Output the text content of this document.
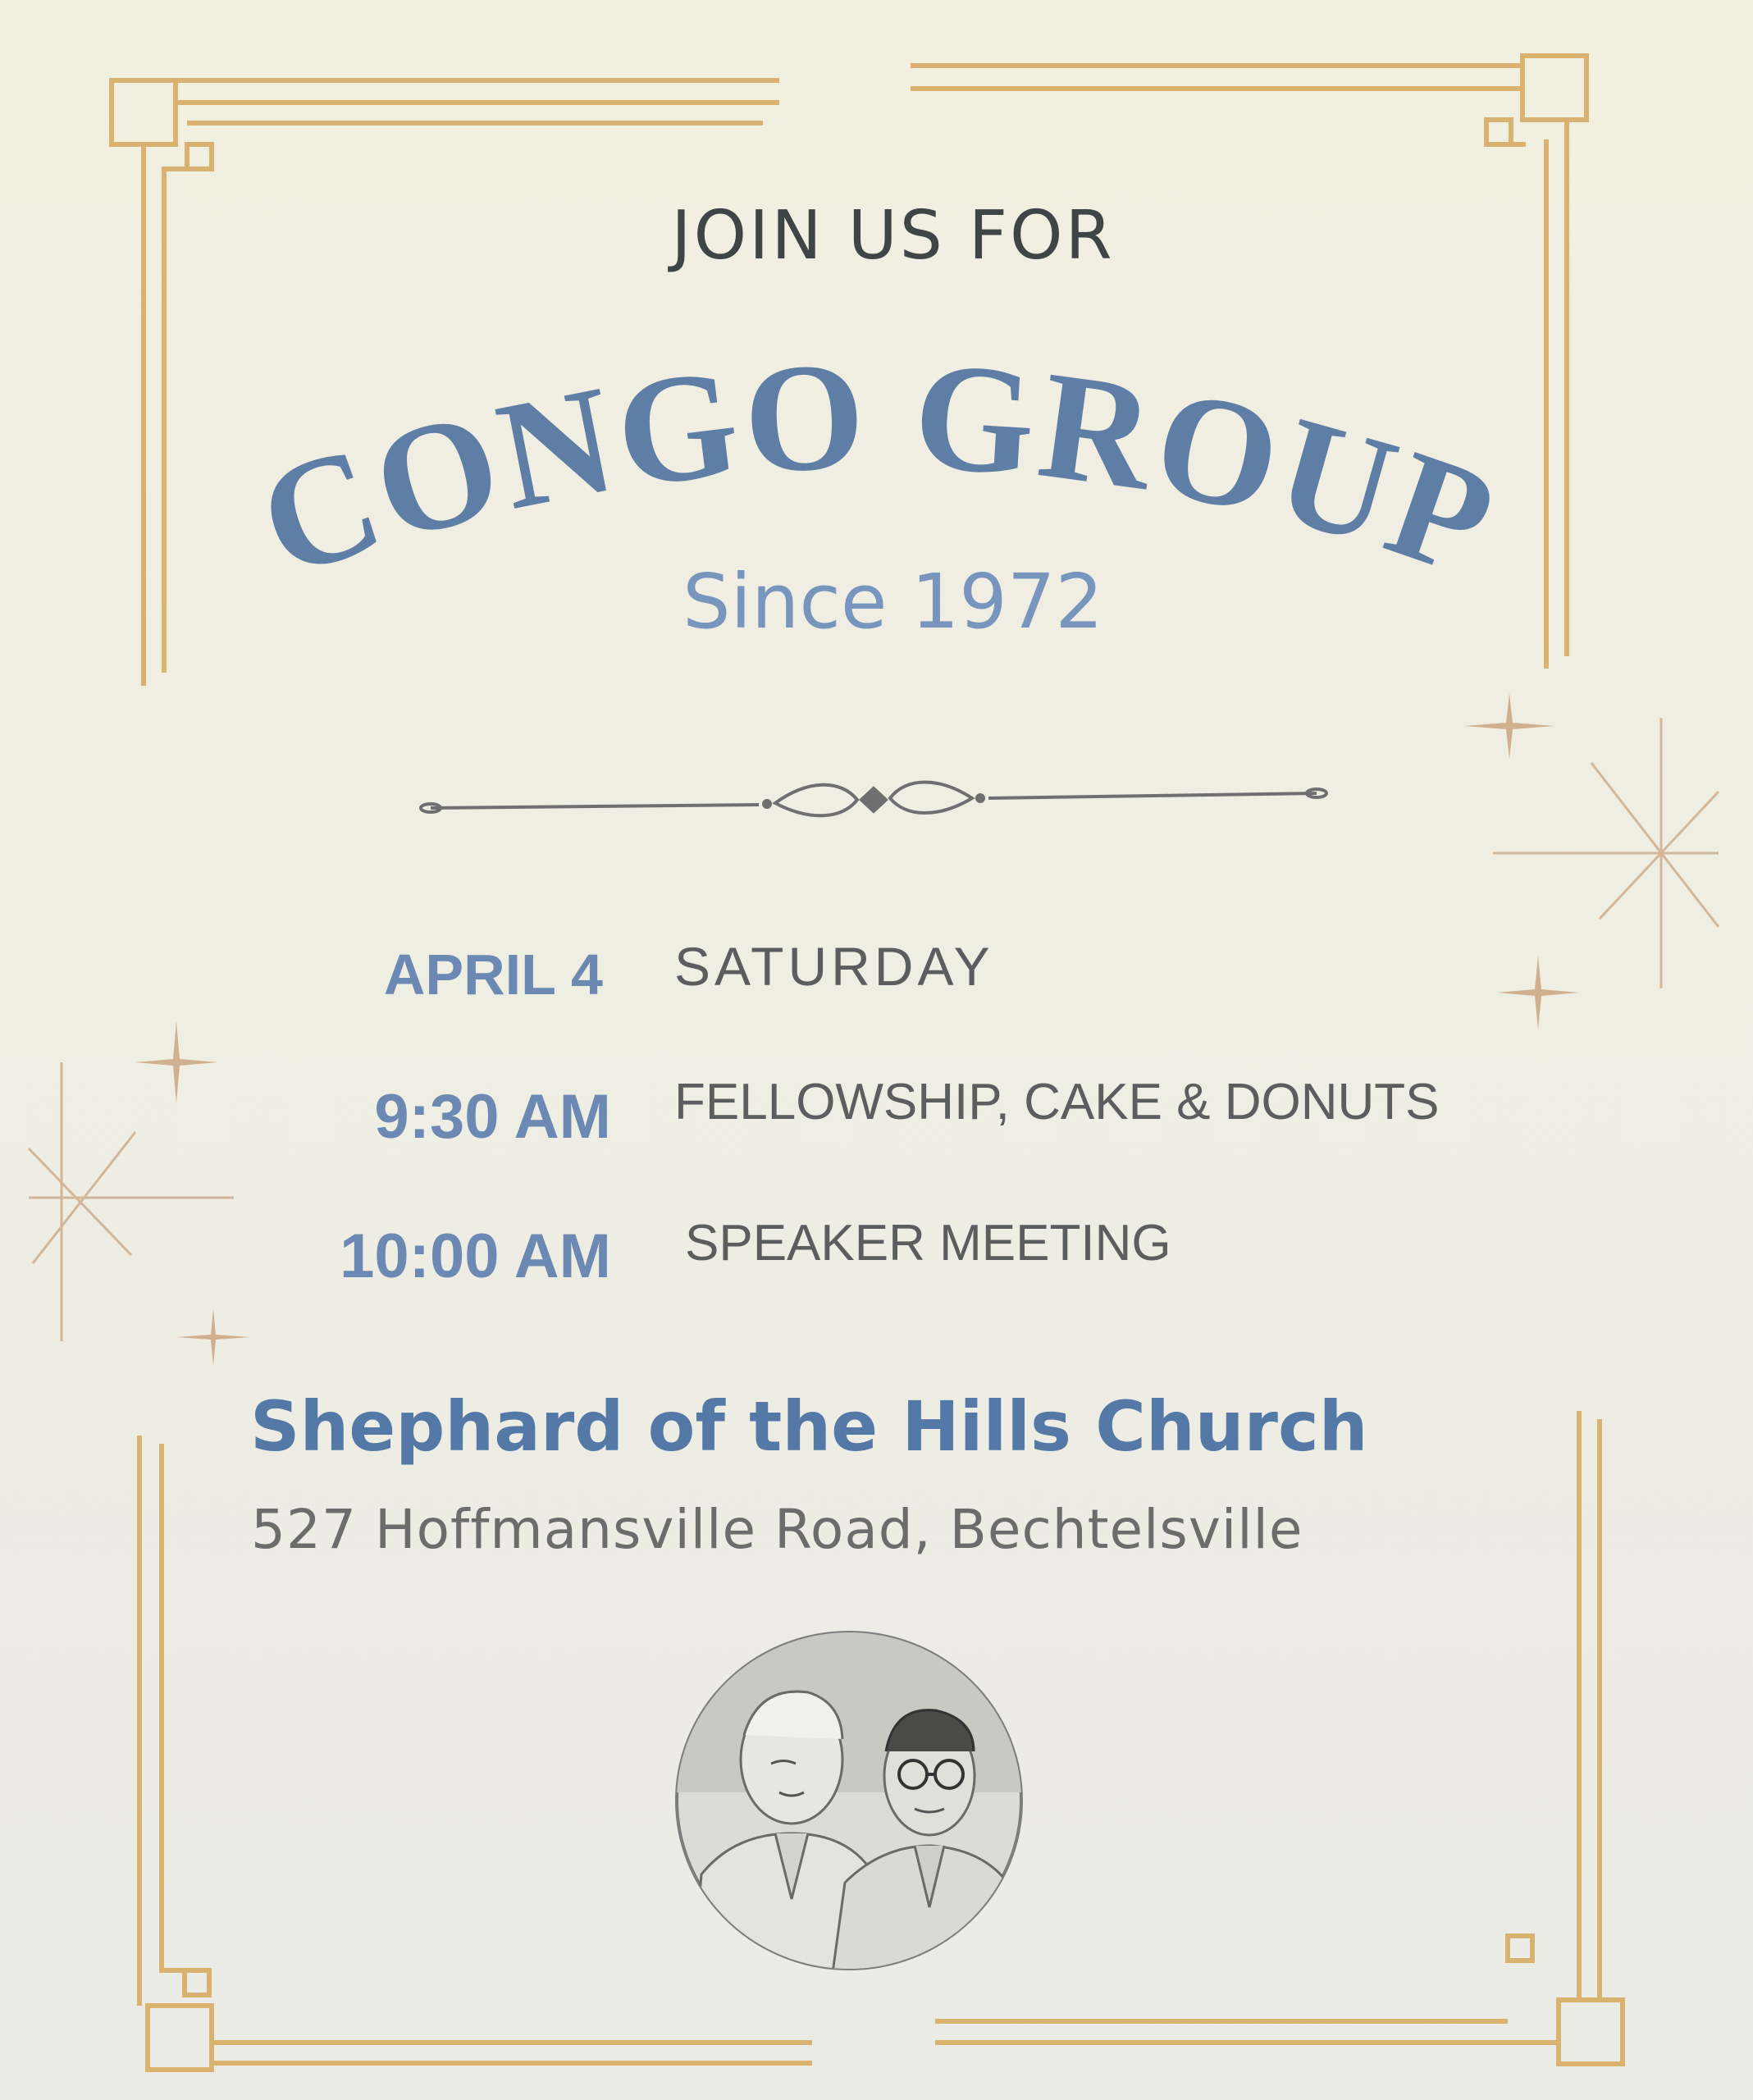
JOIN US FOR
CONGO GROUP
Since 1972
APRIL 4 SATURDAY
9:30 AM FELLOWSHIP, CAKE & DONUTS
10:00 AM SPEAKER MEETING
Shephard of the Hills Church
527 Hoffmansville Road, Bechtelsville
